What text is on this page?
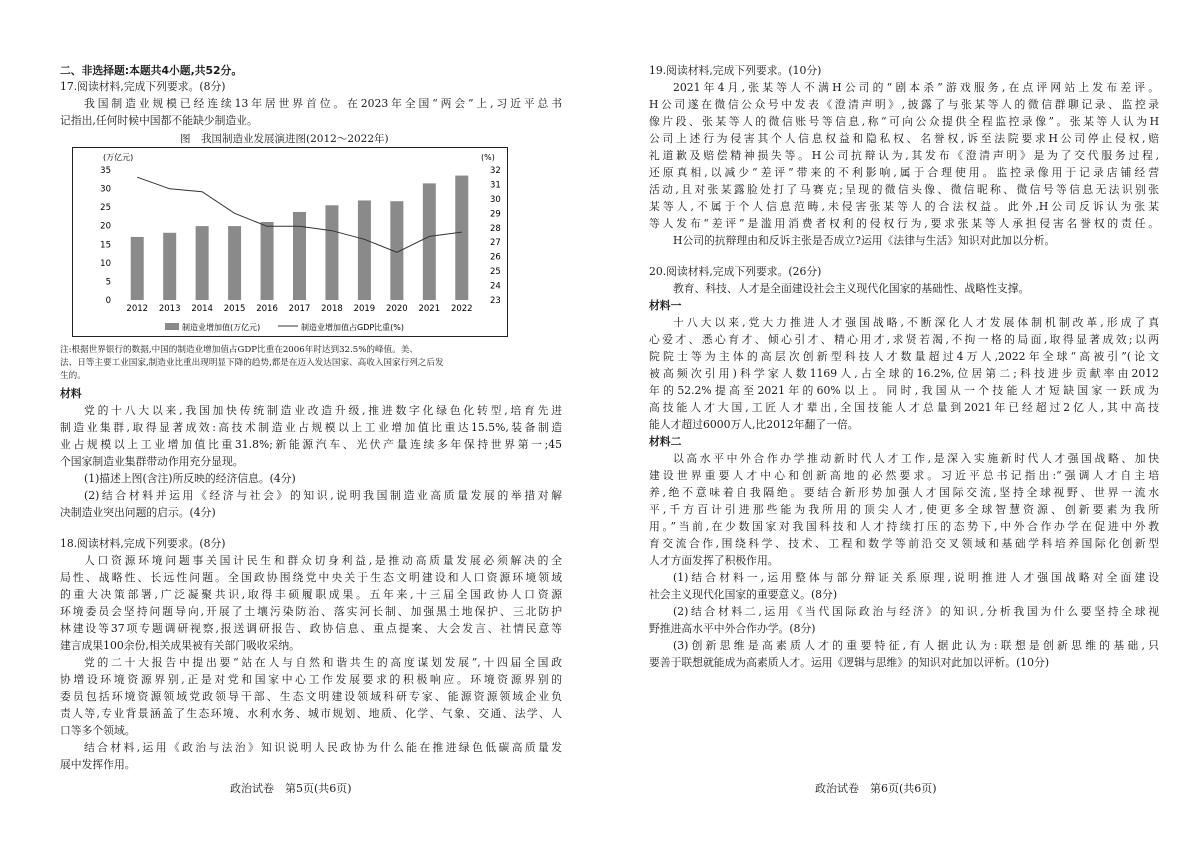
二、非选择题:本题共4小题,共52分。
17.阅读材料,完成下列要求。(8分)
我国制造业规模已经连续13年居世界首位。在2023年全国“两会”上,习近平总书
记指出,任何时候中国都不能缺少制造业。
图　我国制造业发展演进图(2012～2022年)
(万亿元)	(%)
0
5
10
15
20
25
30
35
23
24
25
26
27
28
29
30
31
32
2012 2013 2014 2015 2016 2017 2018 2019 2020 2021 2022
制造业增加值(万亿元)	制造业增加值占GDP比重(%)
注:根据世界银行的数据,中国的制造业增加值占GDP比重在2006年时达到32.5%的峰值。美、
法、日等主要工业国家,制造业比重出现明显下降的趋势,都是在迈入发达国家、高收入国家行列之后发
生的。
材料
党的十八大以来,我国加快传统制造业改造升级,推进数字化绿色化转型,培育先进
制造业集群,取得显著成效:高技术制造业占规模以上工业增加值比重达15.5%,装备制造
业占规模以上工业增加值比重31.8%;新能源汽车、光伏产量连续多年保持世界第一;45
个国家制造业集群带动作用充分显现。
(1)描述上图(含注)所反映的经济信息。(4分)
(2)结合材料并运用《经济与社会》的知识,说明我国制造业高质量发展的举措对解
决制造业突出问题的启示。(4分)
18.阅读材料,完成下列要求。(8分)
人口资源环境问题事关国计民生和群众切身利益,是推动高质量发展必须解决的全
局性、战略性、长远性问题。全国政协围绕党中央关于生态文明建设和人口资源环境领域
的重大决策部署,广泛凝聚共识,取得丰硕履职成果。五年来,十三届全国政协人口资源
环境委员会坚持问题导向,开展了土壤污染防治、落实河长制、加强黑土地保护、三北防护
林建设等37项专题调研视察,报送调研报告、政协信息、重点提案、大会发言、社情民意等
建言成果100余份,相关成果被有关部门吸收采纳。
党的二十大报告中提出要“站在人与自然和谐共生的高度谋划发展”,十四届全国政
协增设环境资源界别,正是对党和国家中心工作发展要求的积极响应。环境资源界别的
委员包括环境资源领域党政领导干部、生态文明建设领域科研专家、能源资源领域企业负
责人等,专业背景涵盖了生态环境、水利水务、城市规划、地质、化学、气象、交通、法学、人
口等多个领域。
结合材料,运用《政治与法治》知识说明人民政协为什么能在推进绿色低碳高质量发
展中发挥作用。
政治试卷　第5页(共6页)
19.阅读材料,完成下列要求。(10分)
2021年4月,张某等人不满H公司的“剧本杀”游戏服务,在点评网站上发布差评。
H公司遂在微信公众号中发表《澄清声明》,披露了与张某等人的微信群聊记录、监控录
像片段、张某等人的微信账号等信息,称“可向公众提供全程监控录像”。张某等人认为H
公司上述行为侵害其个人信息权益和隐私权、名誉权,诉至法院要求H公司停止侵权,赔
礼道歉及赔偿精神损失等。H公司抗辩认为,其发布《澄清声明》是为了交代服务过程,
还原真相,以减少“差评”带来的不利影响,属于合理使用。监控录像用于记录店铺经营
活动,且对张某露脸处打了马赛克;呈现的微信头像、微信昵称、微信号等信息无法识别张
某等人,不属于个人信息范畴,未侵害张某等人的合法权益。此外,H公司反诉认为张某
等人发布“差评”是滥用消费者权利的侵权行为,要求张某等人承担侵害名誉权的责任。
H公司的抗辩理由和反诉主张是否成立?运用《法律与生活》知识对此加以分析。
20.阅读材料,完成下列要求。(26分)
教育、科技、人才是全面建设社会主义现代化国家的基础性、战略性支撑。
材料一
十八大以来,党大力推进人才强国战略,不断深化人才发展体制机制改革,形成了真
心爱才、悉心育才、倾心引才、精心用才,求贤若渴,不拘一格的局面,取得显著成效;以两
院院士等为主体的高层次创新型科技人才数量超过4万人,2022年全球“高被引”(论文
被高频次引用)科学家人数1169人,占全球的16.2%,位居第二;科技进步贡献率由2012
年的52.2%提高至2021年的60%以上。同时,我国从一个技能人才短缺国家一跃成为
高技能人才大国,工匠人才辈出,全国技能人才总量到2021年已经超过2亿人,其中高技
能人才超过6000万人,比2012年翻了一倍。
材料二
以高水平中外合作办学推动新时代人才工作,是深入实施新时代人才强国战略、加快
建设世界重要人才中心和创新高地的必然要求。习近平总书记指出:“强调人才自主培
养,绝不意味着自我隔绝。要结合新形势加强人才国际交流,坚持全球视野、世界一流水
平,千方百计引进那些能为我所用的顶尖人才,使更多全球智慧资源、创新要素为我所
用。”当前,在少数国家对我国科技和人才持续打压的态势下,中外合作办学在促进中外教
育交流合作,围绕科学、技术、工程和数学等前沿交叉领域和基础学科培养国际化创新型
人才方面发挥了积极作用。
(1)结合材料一,运用整体与部分辩证关系原理,说明推进人才强国战略对全面建设
社会主义现代化国家的重要意义。(8分)
(2)结合材料二,运用《当代国际政治与经济》的知识,分析我国为什么要坚持全球视
野推进高水平中外合作办学。(8分)
(3)创新思维是高素质人才的重要特征,有人据此认为:联想是创新思维的基础,只
要善于联想就能成为高素质人才。运用《逻辑与思维》的知识对此加以评析。(10分)
政治试卷　第6页(共6页)
